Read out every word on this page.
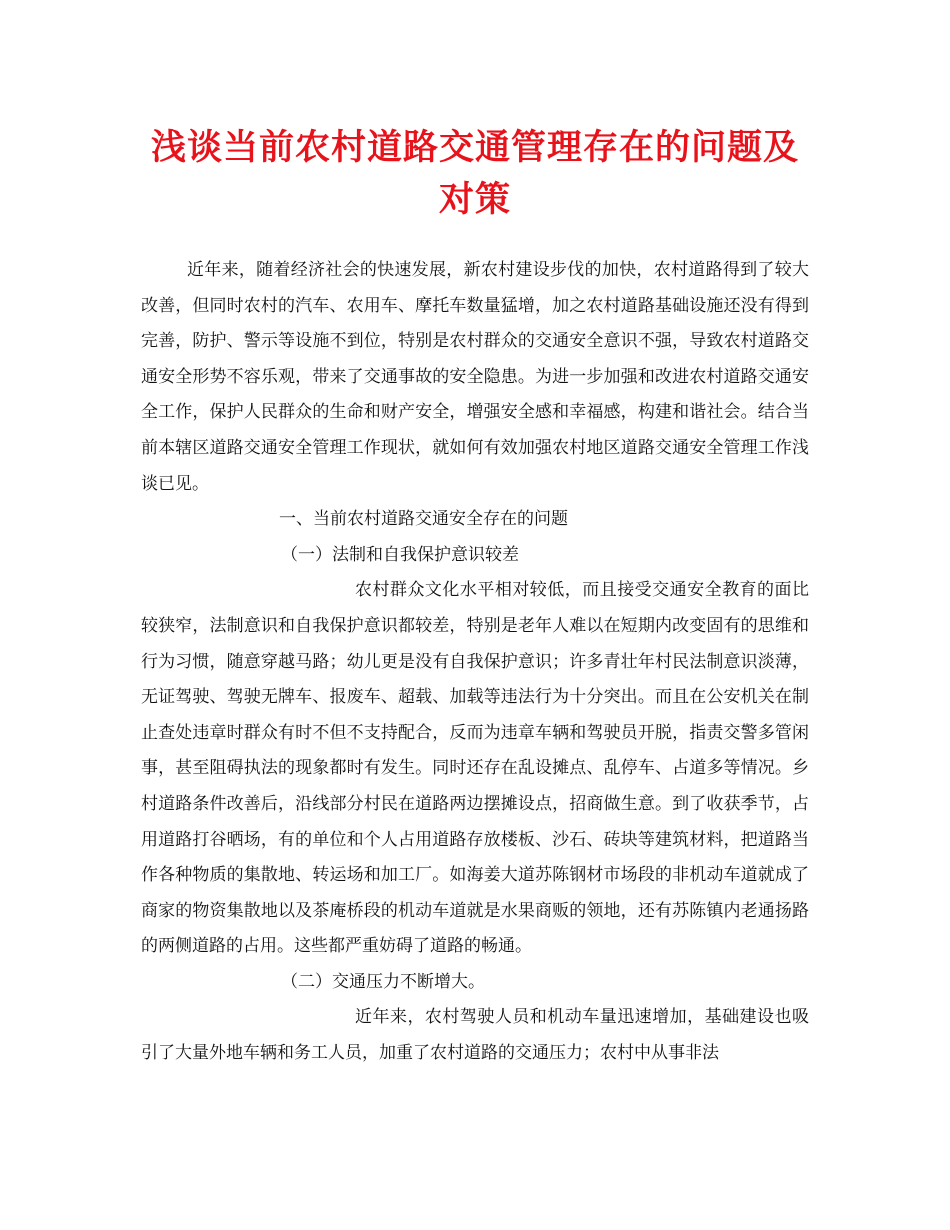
浅谈当前农村道路交通管理存在的问题及对策

近年来，随着经济社会的快速发展，新农村建设步伐的加快，农村道路得到了较大改善，但同时农村的汽车、农用车、摩托车数量猛增，加之农村道路基础设施还没有得到完善，防护、警示等设施不到位，特别是农村群众的交通安全意识不强，导致农村道路交通安全形势不容乐观，带来了交通事故的安全隐患。为进一步加强和改进农村道路交通安全工作，保护人民群众的生命和财产安全，增强安全感和幸福感，构建和谐社会。结合当前本辖区道路交通安全管理工作现状，就如何有效加强农村地区道路交通安全管理工作浅谈已见。

一、当前农村道路交通安全存在的问题

（一）法制和自我保护意识较差

农村群众文化水平相对较低，而且接受交通安全教育的面比较狭窄，法制意识和自我保护意识都较差，特别是老年人难以在短期内改变固有的思维和行为习惯，随意穿越马路；幼儿更是没有自我保护意识；许多青壮年村民法制意识淡薄，无证驾驶、驾驶无牌车、报废车、超载、加载等违法行为十分突出。而且在公安机关在制止查处违章时群众有时不但不支持配合，反而为违章车辆和驾驶员开脱，指责交警多管闲事，甚至阻碍执法的现象都时有发生。同时还存在乱设摊点、乱停车、占道多等情况。乡村道路条件改善后，沿线部分村民在道路两边摆摊设点，招商做生意。到了收获季节，占用道路打谷晒场，有的单位和个人占用道路存放楼板、沙石、砖块等建筑材料，把道路当作各种物质的集散地、转运场和加工厂。如海姜大道苏陈钢材市场段的非机动车道就成了商家的物资集散地以及茶庵桥段的机动车道就是水果商贩的领地，还有苏陈镇内老通扬路的两侧道路的占用。这些都严重妨碍了道路的畅通。

（二）交通压力不断增大。

近年来，农村驾驶人员和机动车量迅速增加，基础建设也吸引了大量外地车辆和务工人员，加重了农村道路的交通压力；农村中从事非法
